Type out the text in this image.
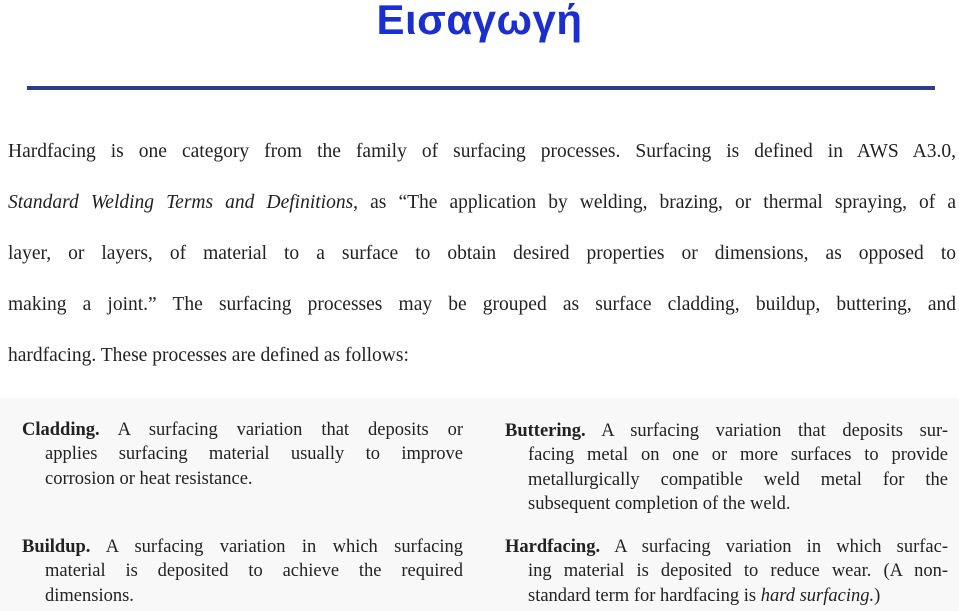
Εισαγωγή
Hardfacing is one category from the family of surfacing processes. Surfacing is defined in AWS A3.0,
Standard Welding Terms and Definitions, as “The application by welding, brazing, or thermal spraying, of a
layer, or layers, of material to a surface to obtain desired properties or dimensions, as opposed to
making a joint.” The surfacing processes may be grouped as surface cladding, buildup, buttering, and
hardfacing. These processes are defined as follows:
Cladding. A surfacing variation that deposits or
applies surfacing material usually to improve
corrosion or heat resistance.
Buildup. A surfacing variation in which surfacing
material is deposited to achieve the required
dimensions.
Buttering. A surfacing variation that deposits sur-
facing metal on one or more surfaces to provide
metallurgically compatible weld metal for the
subsequent completion of the weld.
Hardfacing. A surfacing variation in which surfac-
ing material is deposited to reduce wear. (A non-
standard term for hardfacing is hard surfacing.)
